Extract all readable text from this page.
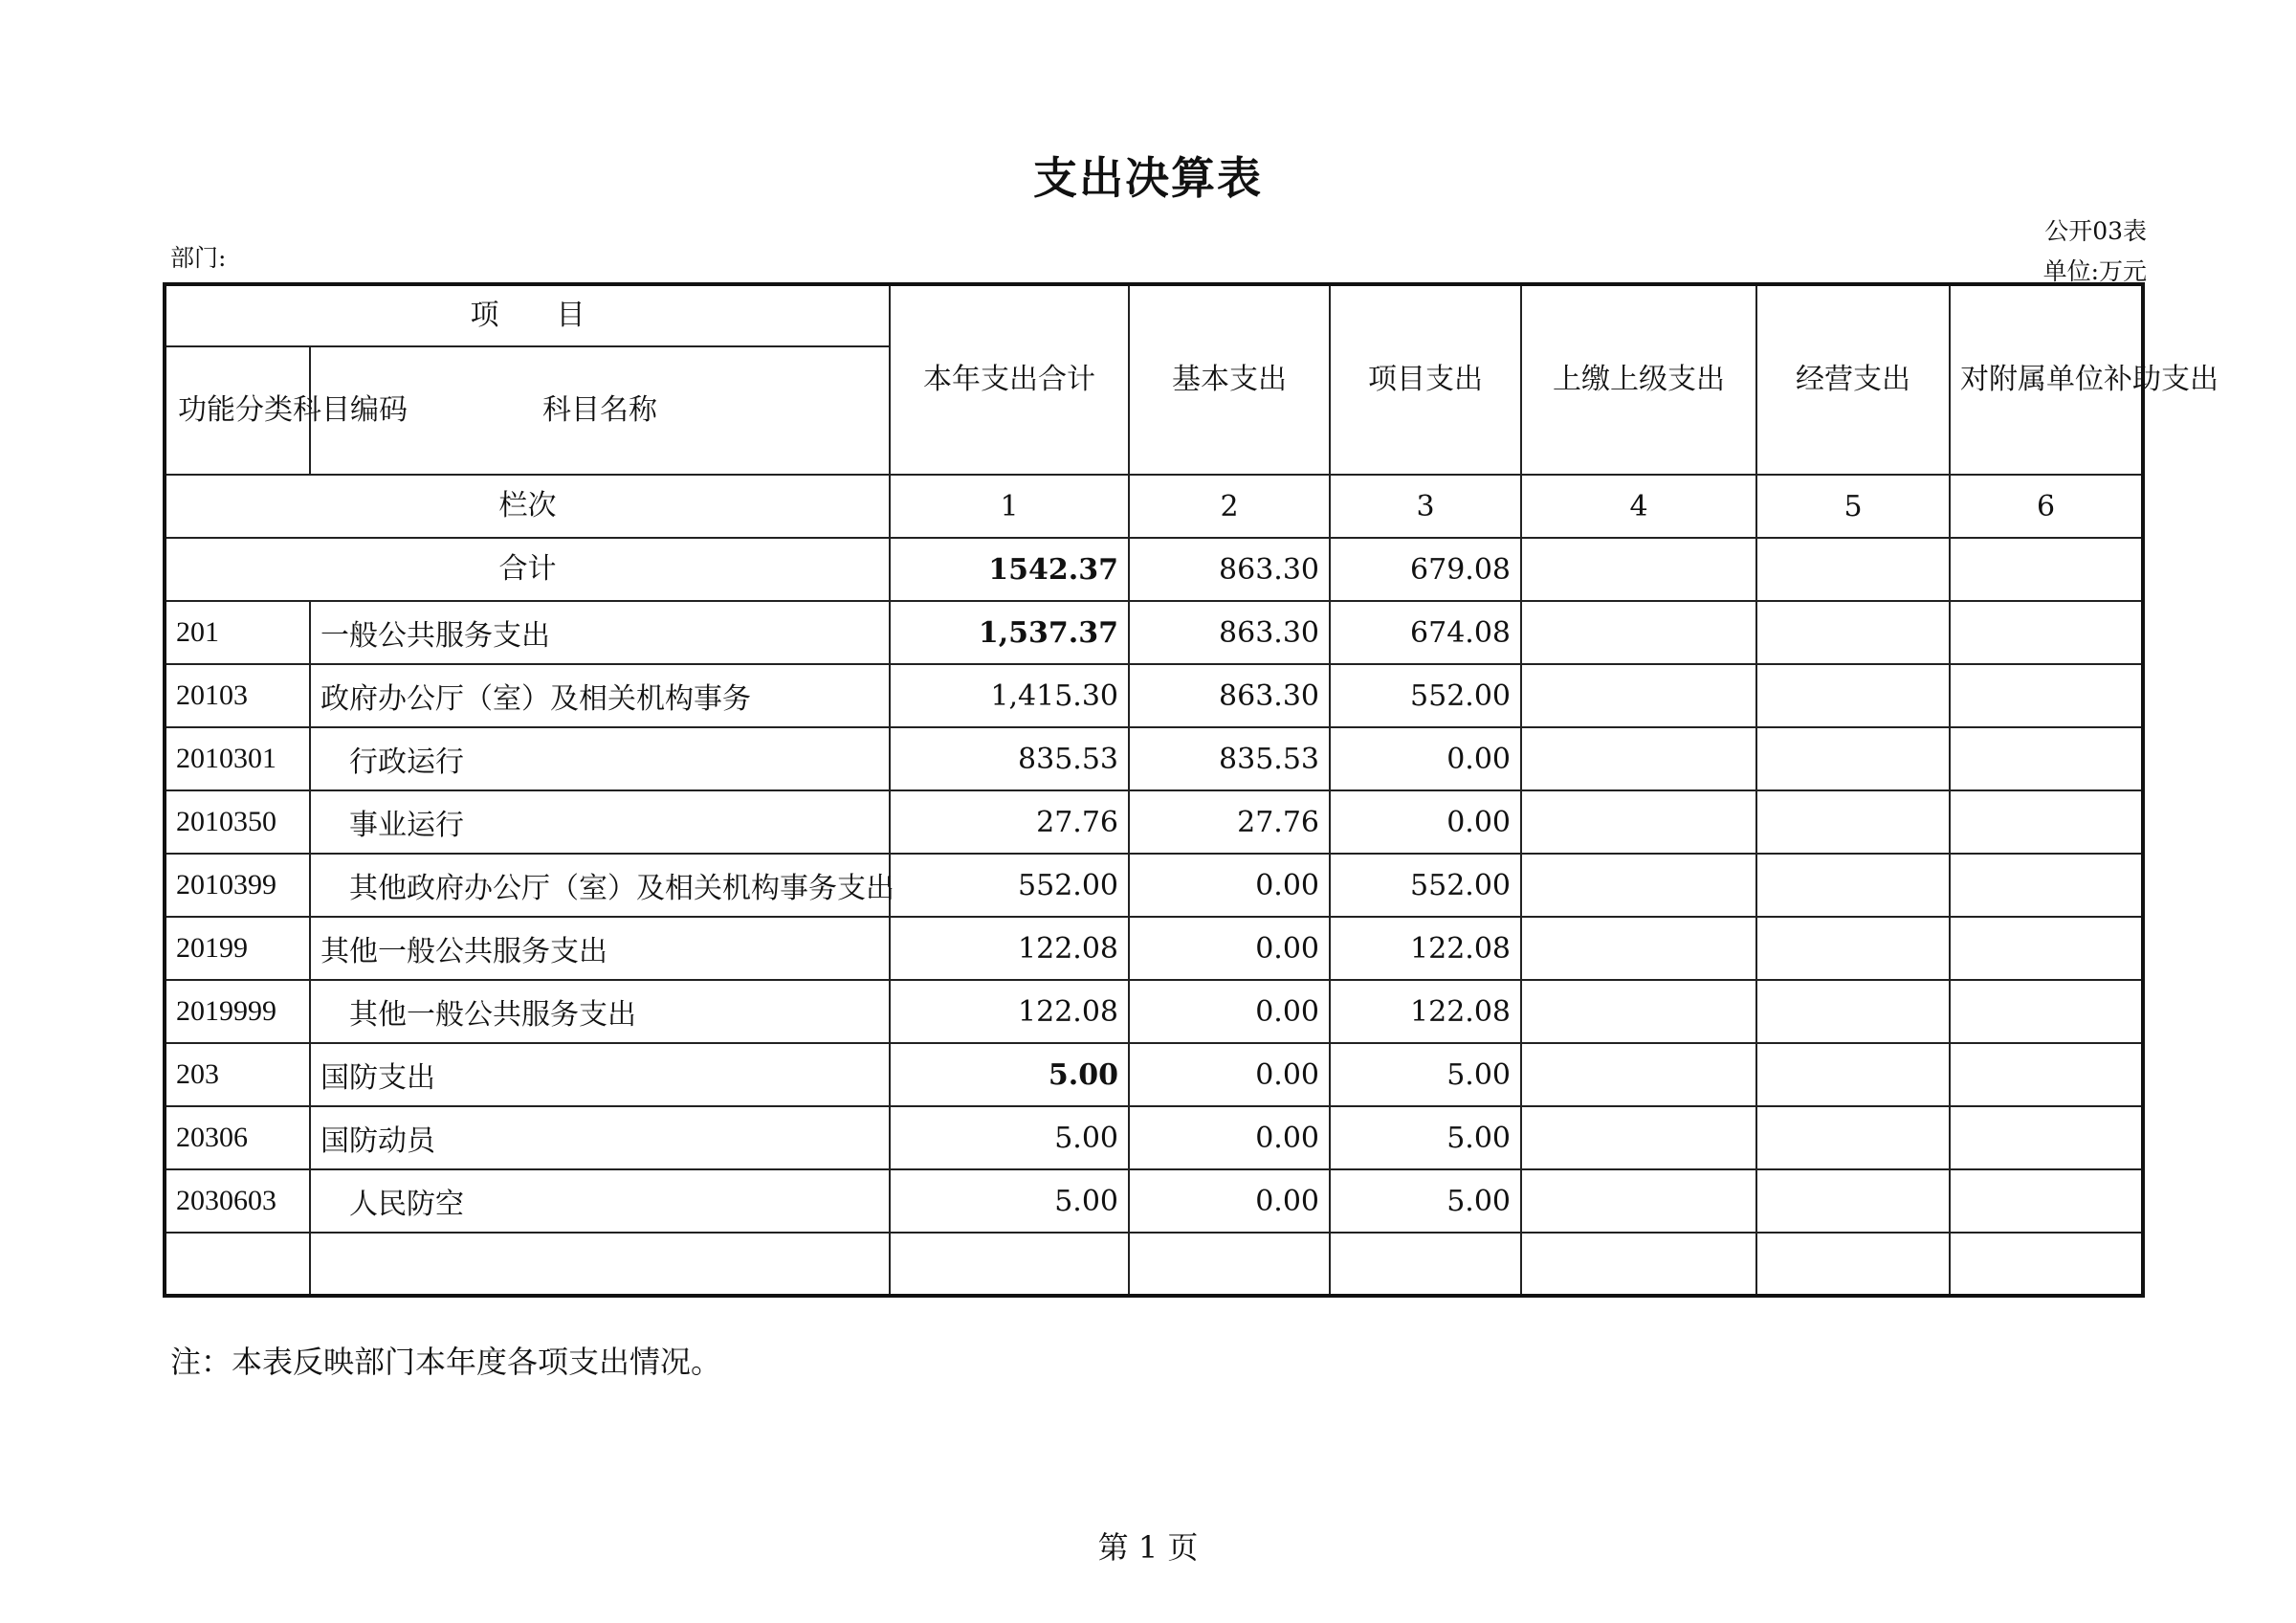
支出决算表
公开03表
部门:	单位:万元
项　　目		本年支出合计	基本支出	项目支出	上缴上级支出	经营支出	对附属单位补助支出
功能分类科目编码	科目名称						
栏次		1	2	3	4	5	6
合计		1542.37	863.30	679.08			
201	一般公共服务支出	1,537.37	863.30	674.08			
20103	政府办公厅（室）及相关机构事务	1,415.30	863.30	552.00			
2010301	行政运行	835.53	835.53	0.00			
2010350	事业运行	27.76	27.76	0.00			
2010399	其他政府办公厅（室）及相关机构事务支出	552.00	0.00	552.00			
20199	其他一般公共服务支出	122.08	0.00	122.08			
2019999	其他一般公共服务支出	122.08	0.00	122.08			
203	国防支出	5.00	0.00	5.00			
20306	国防动员	5.00	0.00	5.00			
2030603	人民防空	5.00	0.00	5.00			

注：本表反映部门本年度各项支出情况。
第 1 页
